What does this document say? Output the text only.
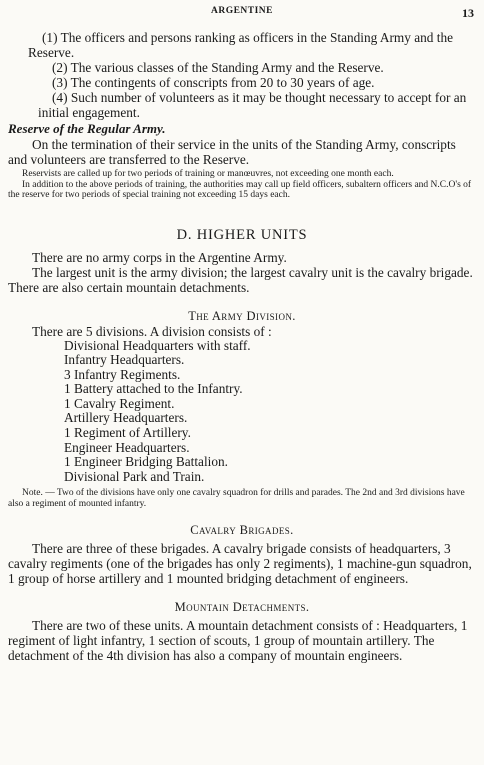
ARGENTINE	13

(1) The officers and persons ranking as officers in the Standing Army and the Reserve.

(2) The various classes of the Standing Army and the Reserve.

(3) The contingents of conscripts from 20 to 30 years of age.

(4) Such number of volunteers as it may be thought necessary to accept for an initial engagement.

Reserve of the Regular Army.

On the termination of their service in the units of the Standing Army, conscripts and volunteers are transferred to the Reserve.

Reservists are called up for two periods of training or manœuvres, not exceeding one month each.

In addition to the above periods of training, the authorities may call up field officers, subaltern officers and N.C.O's of the reserve for two periods of special training not exceeding 15 days each.

D. HIGHER UNITS

There are no army corps in the Argentine Army.

The largest unit is the army division; the largest cavalry unit is the cavalry brigade. There are also certain mountain detachments.

The Army Division.

There are 5 divisions. A division consists of :

Divisional Headquarters with staff.

Infantry Headquarters.

3 Infantry Regiments.

1 Battery attached to the Infantry.

1 Cavalry Regiment.

Artillery Headquarters.

1 Regiment of Artillery.

Engineer Headquarters.

1 Engineer Bridging Battalion.

Divisional Park and Train.

Note. — Two of the divisions have only one cavalry squadron for drills and parades. The 2nd and 3rd divisions have also a regiment of mounted infantry.

Cavalry Brigades.

There are three of these brigades. A cavalry brigade consists of headquarters, 3 cavalry regiments (one of the brigades has only 2 regiments), 1 machine-gun squadron, 1 group of horse artillery and 1 mounted bridging detachment of engineers.

Mountain Detachments.

There are two of these units. A mountain detachment consists of : Headquarters, 1 regiment of light infantry, 1 section of scouts, 1 group of mountain artillery. The detachment of the 4th division has also a company of mountain engineers.
